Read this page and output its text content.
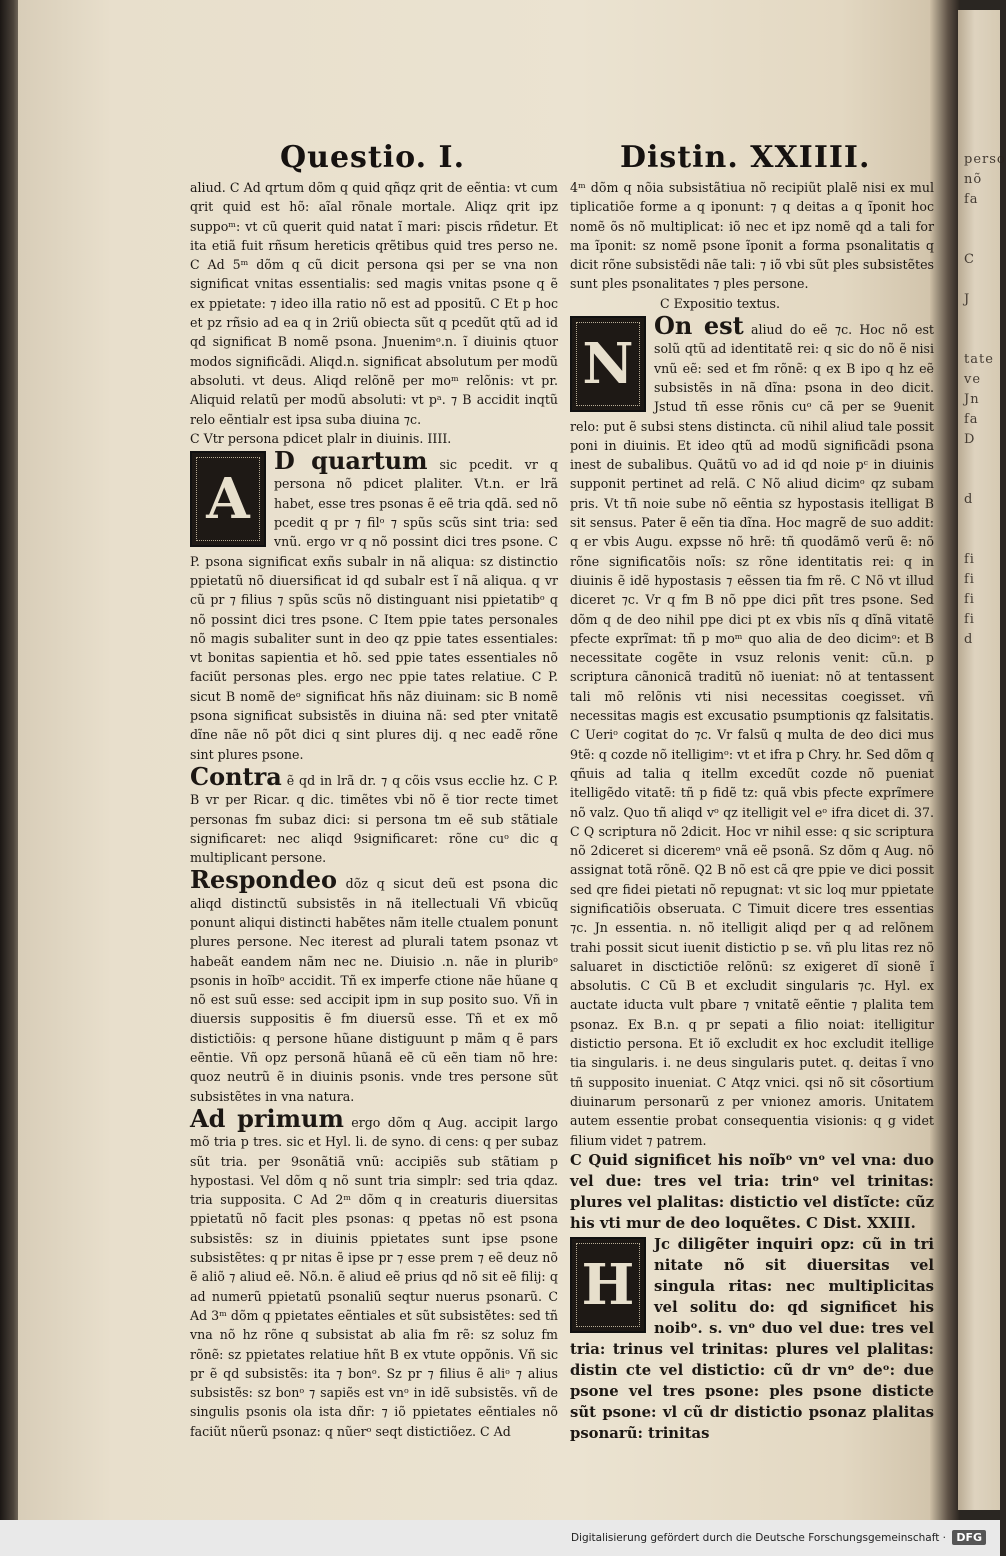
perso
nõ
fa

C

J

tate
ve
Jn
fa
D

d

fi
fi
fi
fi
d
Questio. I.	Distin. XXIIII.

aliud. C Ad qrtum dõm q quid qñqz qrit de eẽntia: vt cum qrit quid est hõ: aĩal rõnale mortale. Aliqz qrit ipz suppoᵐ: vt cũ querit quid natat ĩ mari: piscis rñdetur. Et ita etiã fuit rñsum hereticis qrẽtibus quid tres perso ne. C Ad 5ᵐ dõm q cũ dicit persona qsi per se vna non significat vnitas essentialis: sed magis vnitas psone q ẽ ex ppietate: ⁊ ideo illa ratio nõ est ad ppositũ. C Et p hoc et pz rñsio ad ea q in 2riũ obiecta sũt q pcedũt qtũ ad id qd significat B nomẽ psona. Jnuenimᵒ.n. ĩ diuinis qtuor modos significãdi. Aliqd.n. significat absolutum per modũ absoluti. vt deus. Aliqd relõnẽ per moᵐ relõnis: vt pr. Aliquid relatũ per modũ absoluti: vt pᵃ. ⁊ B accidit inqtũ relo eẽntialr est ipsa suba diuina ⁊c.

C Vtr persona pdicet plalr in diuinis. IIII.

A

D quartum sic pcedit. vr q persona nõ pdicet plaliter. Vt.n. er lrã habet, esse tres psonas ẽ eẽ tria qdã. sed nõ pcedit q pr ⁊ filᵒ ⁊ spũs scũs sint tria: sed vnũ. ergo vr q nõ possint dici tres psone. C P. psona significat exñs subalr in nã aliqua: sz distinctio ppietatũ nõ diuersificat id qd subalr est ĩ nã aliqua. q vr cũ pr ⁊ filius ⁊ spũs scũs nõ distinguant nisi ppietatibᵒ q nõ possint dici tres psone. C Item ppie tates personales nõ magis subaliter sunt in deo qz ppie tates essentiales: vt bonitas sapientia et hõ. sed ppie tates essentiales nõ faciũt personas ples. ergo nec ppie tates relatiue. C P. sicut B nomẽ deᵒ significat hñs nãz diuinam: sic B nomẽ psona significat subsistẽs in diuina nã: sed pter vnitatẽ dĩne nãe nõ põt dici q sint plures dij. q nec eadẽ rõne sint plures psone.

Contra ẽ qd in lrã dr. ⁊ q cõis vsus ecclie hz. C P. B vr per Ricar. q dic. timẽtes vbi nõ ẽ tior recte timet personas fm subaz dici: si persona tm eẽ sub stãtiale significaret: nec aliqd 9significaret: rõne cuᵒ dic q multiplicant persone.

Respondeo dõz q sicut deũ est psona dic aliqd distinctũ subsistẽs in nã itellectuali Vñ vbicũq ponunt aliqui distincti habẽtes nãm itelle ctualem ponunt plures persone. Nec iterest ad plurali tatem psonaz vt habeãt eandem nãm nec ne. Diuisio .n. nãe in pluribᵒ psonis in hoĩbᵒ accidit. Tñ ex imperfe ctione nãe hũane q nõ est suũ esse: sed accipit ipm in sup posito suo. Vñ in diuersis suppositis ẽ fm diuersũ esse. Tñ et ex mõ distictiõis: q persone hũane distiguunt p mãm q ẽ pars eẽntie. Vñ opz personã hũanã eẽ cũ eẽn tiam nõ hre: quoz neutrũ ẽ in diuinis psonis. vnde tres persone sũt subsistẽtes in vna natura.

Ad primum ergo dõm q Aug. accipit largo mõ tria p tres. sic et Hyl. li. de syno. di cens: q per subaz sũt tria. per 9sonãtiã vnũ: accipiẽs sub stãtiam p hypostasi. Vel dõm q nõ sunt tria simplr: sed tria qdaz. tria supposita. C Ad 2ᵐ dõm q in creaturis diuersitas ppietatũ nõ facit ples psonas: q ppetas nõ est psona subsistẽs: sz in diuinis ppietates sunt ipse psone subsistẽtes: q pr nitas ẽ ipse pr ⁊ esse prem ⁊ eẽ deuz nõ ẽ aliõ ⁊ aliud eẽ. Nõ.n. ẽ aliud eẽ prius qd nõ sit eẽ filij: q ad numerũ ppietatũ psonaliũ seqtur nuerus psonarũ. C Ad 3ᵐ dõm q ppietates eẽntiales et sũt subsistẽtes: sed tñ vna nõ hz rõne q subsistat ab alia fm rẽ: sz soluz fm rõnẽ: sz ppietates relatiue hñt B ex vtute oppõnis. Vñ sic pr ẽ qd subsistẽs: ita ⁊ bonᵒ. Sz pr ⁊ filius ẽ aliᵒ ⁊ alius subsistẽs: sz bonᵒ ⁊ sapiẽs est vnᵒ in idẽ subsistẽs. vñ de singulis psonis ola ista dñr: ⁊ iõ ppietates eẽntiales nõ faciũt nũerũ psonaz: q nũerᵒ seqt distictiõez. C Ad

4ᵐ dõm q nõia subsistãtiua nõ recipiũt plalẽ nisi ex mul tiplicatiõe forme a q iponunt: ⁊ q deitas a q ĩponit hoc nomẽ õs nõ multiplicat: iõ nec et ipz nomẽ qd a tali for ma ĩponit: sz nomẽ psone ĩponit a forma psonalitatis q dicit rõne subsistẽdi nãe tali: ⁊ iõ vbi sũt ples subsistẽtes sunt ples psonalitates ⁊ ples persone.

C Expositio textus.

N

On est aliud do eẽ ⁊c. Hoc nõ est solũ qtũ ad identitatẽ rei: q sic do nõ ẽ nisi vnũ eẽ: sed et fm rõnẽ: q ex B ipo q hz eẽ subsistẽs in nã dĩna: psona in deo dicit. Jstud tñ esse rõnis cuᵒ cã per se 9uenit relo: put ẽ subsi stens distincta. cũ nihil aliud tale possit poni in diuinis. Et ideo qtũ ad modũ significãdi psona inest de subalibus. Quãtũ vo ad id qd noie pᶜ in diuinis supponit pertinet ad relã. C Nõ aliud dicimᵒ qz subam pris. Vt tñ noie sube nõ eẽntia sz hypostasis itelligat B sit sensus. Pater ẽ eẽn tia dĩna. Hoc magrẽ de suo addit: q er vbis Augu. expsse nõ hrẽ: tñ quodãmõ verũ ẽ: nõ rõne significatõis noĩs: sz rõne identitatis rei: q in diuinis ẽ idẽ hypostasis ⁊ eẽssen tia fm rẽ. C Nõ vt illud diceret ⁊c. Vr q fm B nõ ppe dici pñt tres psone. Sed dõm q de deo nihil ppe dici pt ex vbis nĩs q dĩnã vitatẽ pfecte exprĩmat: tñ p moᵐ quo alia de deo dicimᵒ: et B necessitate cogẽte in vsuz relonis venit: cũ.n. p scriptura cãnonicã traditũ nõ iueniat: nõ at tentassent tali mõ relõnis vti nisi necessitas coegisset. vñ necessitas magis est excusatio psumptionis qz falsitatis. C Ueriᵒ cogitat do ⁊c. Vr falsũ q multa de deo dici mus 9tẽ: q cozde nõ itelligimᵒ: vt et ifra p Chry. hr. Sed dõm q qñuis ad talia q itellm excedũt cozde nõ pueniat itelligẽdo vitatẽ: tñ p fidẽ tz: quã vbis pfecte exprĩmere nõ valz. Quo tñ aliqd vᵒ qz itelligit vel eᵒ ifra dicet di. 37. C Q scriptura nõ 2dicit. Hoc vr nihil esse: q sic scriptura nõ 2diceret si diceremᵒ vnã eẽ psonã. Sz dõm q Aug. nõ assignat totã rõnẽ. Q2 B nõ est cã qre ppie ve dici possit sed qre fidei pietati nõ repugnat: vt sic loq mur ppietate significatiõis obseruata. C Timuit dicere tres essentias ⁊c. Jn essentia. n. nõ itelligit aliqd per q ad relõnem trahi possit sicut iuenit distictio p se. vñ plu litas rez nõ saluaret in disctictiõe relõnũ: sz exigeret dĩ sionẽ ĩ absolutis. C Cũ B et excludit singularis ⁊c. Hyl. ex auctate iducta vult pbare ⁊ vnitatẽ eẽntie ⁊ plalita tem psonaz. Ex B.n. q pr sepati a filio noiat: itelligitur distictio persona. Et iõ excludit ex hoc excludit itellige tia singularis. i. ne deus singularis putet. q. deitas ĩ vno tñ supposito inueniat. C Atqz vnici. qsi nõ sit cõsortium diuinarum personarũ z per vnionez amoris. Unitatem autem essentie probat consequentia visionis: q g videt filium videt ⁊ patrem.

C Quid significet his noĩbᵒ vnᵒ vel vna: duo vel due: tres vel tria: trinᵒ vel trinitas: plures vel plalitas: distictio vel distĩcte: cũz his vti mur de deo loquẽtes. C Dist. XXIII.

H

Jc diligẽter inquiri opz: cũ in tri nitate nõ sit diuersitas vel singula ritas: nec multiplicitas vel solitu do: qd significet his noibᵒ. s. vnᵒ duo vel due: tres vel tria: trinus vel trinitas: plures vel plalitas: distin cte vel distictio: cũ dr vnᵒ deᵒ: due psone vel tres psone: ples psone disticte sũt psone: vl cũ dr distictio psonaz plalitas psonarũ: trinitas

Digitalisierung gefördert durch die Deutsche Forschungsgemeinschaft · DFG
